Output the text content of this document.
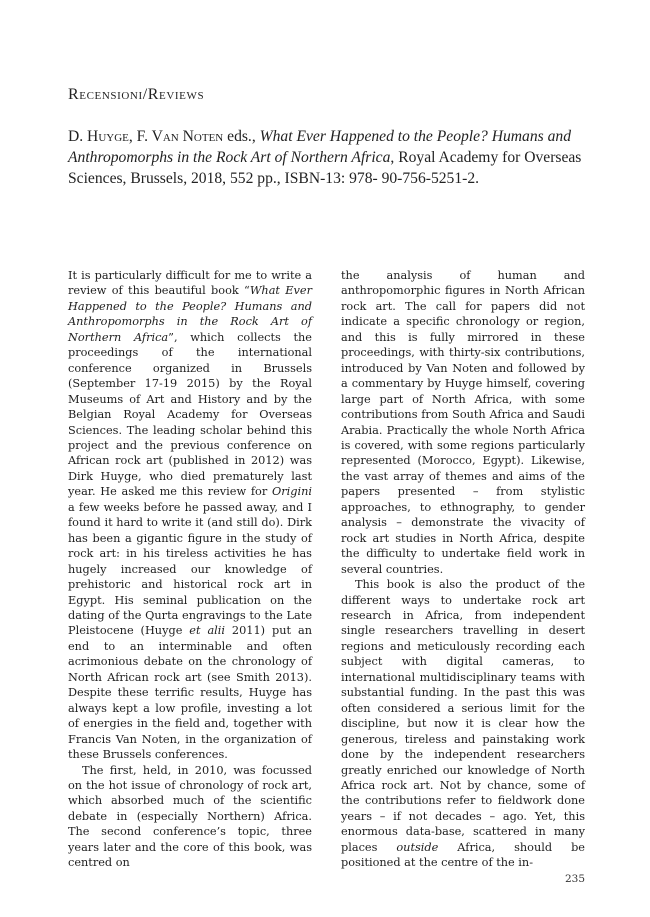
Recensioni/Reviews
D. Huyge, F. Van Noten eds., What Ever Happened to the People? Humans and Anthropomorphs in the Rock Art of Northern Africa, Royal Academy for Overseas Sciences, Brussels, 2018, 552 pp., ISBN-13: 978- 90-756-5251-2.

It is particularly difficult for me to write a review of this beautiful book “What Ever Happened to the People? Humans and Anthropomorphs in the Rock Art of Northern Africa”, which collects the proceedings of the international conference organized in Brussels (September 17-19 2015) by the Royal Museums of Art and History and by the Belgian Royal Academy for Overseas Sciences. The leading scholar behind this project and the previous conference on African rock art (published in 2012) was Dirk Huyge, who died prematurely last year. He asked me this review for Origini a few weeks before he passed away, and I found it hard to write it (and still do). Dirk has been a gigantic figure in the study of rock art: in his tireless activities he has hugely increased our knowledge of prehistoric and historical rock art in Egypt. His seminal publication on the dating of the Qurta engravings to the Late Pleistocene (Huyge et alii 2011) put an end to an interminable and often acrimonious debate on the chronology of North African rock art (see Smith 2013). Despite these terrific results, Huyge has always kept a low profile, investing a lot of energies in the field and, together with Francis Van Noten, in the organization of these Brussels conferences.

The first, held, in 2010, was focussed on the hot issue of chronology of rock art, which absorbed much of the scientific debate in (especially Northern) Africa. The second conference’s topic, three years later and the core of this book, was centred on

the analysis of human and anthropomorphic figures in North African rock art. The call for papers did not indicate a specific chronology or region, and this is fully mirrored in these proceedings, with thirty-six contributions, introduced by Van Noten and followed by a commentary by Huyge himself, covering large part of North Africa, with some contributions from South Africa and Saudi Arabia. Practically the whole North Africa is covered, with some regions particularly represented (Morocco, Egypt). Likewise, the vast array of themes and aims of the papers presented – from stylistic approaches, to ethnography, to gender analysis – demonstrate the vivacity of rock art studies in North Africa, despite the difficulty to undertake field work in several countries.

This book is also the product of the different ways to undertake rock art research in Africa, from independent single researchers travelling in desert regions and meticulously recording each subject with digital cameras, to international multidisciplinary teams with substantial funding. In the past this was often considered a serious limit for the discipline, but now it is clear how the generous, tireless and painstaking work done by the independent researchers greatly enriched our knowledge of North Africa rock art. Not by chance, some of the contributions refer to fieldwork done years – if not decades – ago. Yet, this enormous data-base, scattered in many places outside Africa, should be positioned at the centre of the in-

235
